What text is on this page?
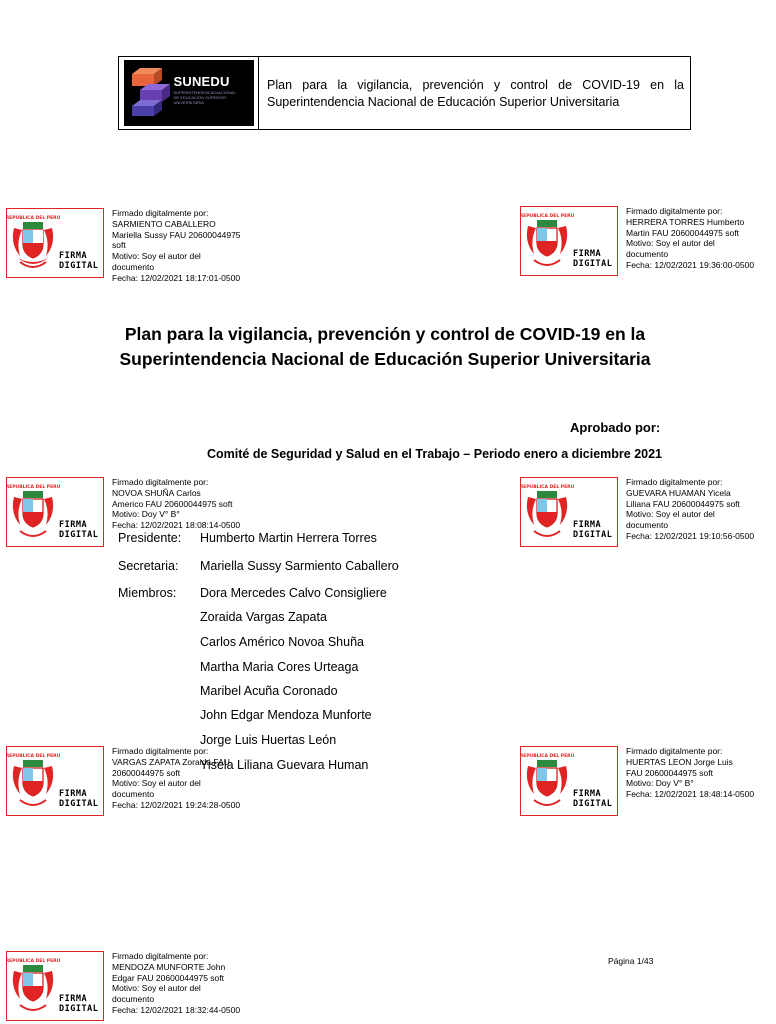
SUNEDU
SUPERINTENDENCIA NACIONAL DE EDUCACIÓN SUPERIOR UNIVERSITARIA
Plan para la vigilancia, prevención y control de COVID-19 en la Superintendencia Nacional de Educación Superior Universitaria
REPUBLICA DEL PERU
FIRMA
DIGITAL
Firmado digitalmente por:
SARMIENTO CABALLERO
Mariella Sussy FAU 20600044975
soft
Motivo: Soy el autor del
documento
Fecha: 12/02/2021 18:17:01-0500
REPUBLICA DEL PERU
FIRMA
DIGITAL
Firmado digitalmente por:
HERRERA TORRES Humberto
Martin FAU 20600044975 soft
Motivo: Soy el autor del
documento
Fecha: 12/02/2021 19:36:00-0500
Plan para la vigilancia, prevención y control de COVID-19 en la
Superintendencia Nacional de Educación Superior Universitaria
Aprobado por:
Comité de Seguridad y Salud en el Trabajo – Periodo enero a diciembre 2021
REPUBLICA DEL PERU
FIRMA
DIGITAL
Firmado digitalmente por:
NOVOA SHUÑA Carlos
Americo FAU 20600044975 soft
Motivo: Doy V° B°
Fecha: 12/02/2021 18:08:14-0500
REPUBLICA DEL PERU
FIRMA
DIGITAL
Firmado digitalmente por:
GUEVARA HUAMAN Yicela
Liliana FAU 20600044975 soft
Motivo: Soy el autor del
documento
Fecha: 12/02/2021 19:10:56-0500
Presidente: Humberto Martin Herrera Torres
Secretaria: Mariella Sussy Sarmiento Caballero
Miembros: Dora Mercedes Calvo Consigliere
Zoraida Vargas Zapata
Carlos Américo Novoa Shuña
Martha Maria Cores Urteaga
Maribel Acuña Coronado
John Edgar Mendoza Munforte
Jorge Luis Huertas León
Yisela Liliana Guevara Human
REPUBLICA DEL PERU
FIRMA
DIGITAL
Firmado digitalmente por:
VARGAS ZAPATA Zoraida FAU
20600044975 soft
Motivo: Soy el autor del
documento
Fecha: 12/02/2021 19:24:28-0500
REPUBLICA DEL PERU
FIRMA
DIGITAL
Firmado digitalmente por:
HUERTAS LEON Jorge Luis
FAU 20600044975 soft
Motivo: Doy V° B°
Fecha: 12/02/2021 18:48:14-0500
Página 1/43
REPUBLICA DEL PERU
FIRMA
DIGITAL
Firmado digitalmente por:
MENDOZA MUNFORTE John
Edgar FAU 20600044975 soft
Motivo: Soy el autor del
documento
Fecha: 12/02/2021 18:32:44-0500
